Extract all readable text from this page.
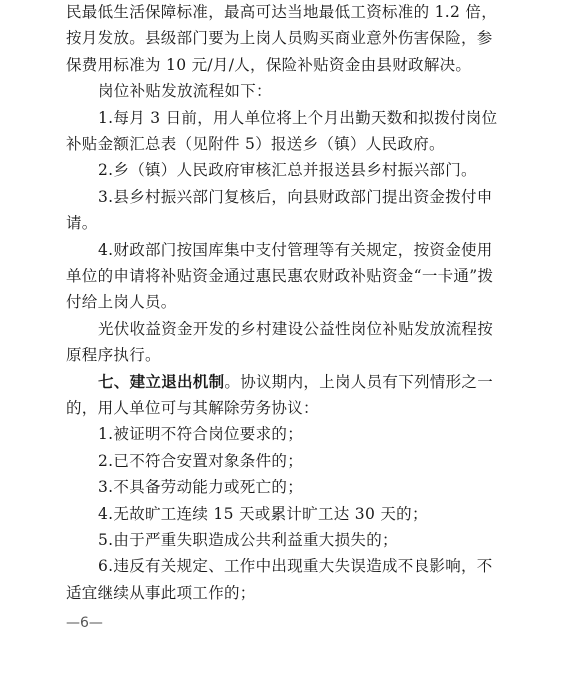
民最低生活保障标准，最高可达当地最低工资标准的 1.2 倍，
按月发放。县级部门要为上岗人员购买商业意外伤害保险，参
保费用标准为 10 元/月/人，保险补贴资金由县财政解决。
岗位补贴发放流程如下：
1.每月 3 日前，用人单位将上个月出勤天数和拟拨付岗位
补贴金额汇总表（见附件 5）报送乡（镇）人民政府。
2.乡（镇）人民政府审核汇总并报送县乡村振兴部门。
3.县乡村振兴部门复核后，向县财政部门提出资金拨付申
请。
4.财政部门按国库集中支付管理等有关规定，按资金使用
单位的申请将补贴资金通过惠民惠农财政补贴资金“一卡通”拨
付给上岗人员。
光伏收益资金开发的乡村建设公益性岗位补贴发放流程按
原程序执行。
七、建立退出机制。协议期内，上岗人员有下列情形之一
的，用人单位可与其解除劳务协议：
1.被证明不符合岗位要求的；
2.已不符合安置对象条件的；
3.不具备劳动能力或死亡的；
4.无故旷工连续 15 天或累计旷工达 30 天的；
5.由于严重失职造成公共利益重大损失的；
6.违反有关规定、工作中出现重大失误造成不良影响，不
适宜继续从事此项工作的；
—6—
